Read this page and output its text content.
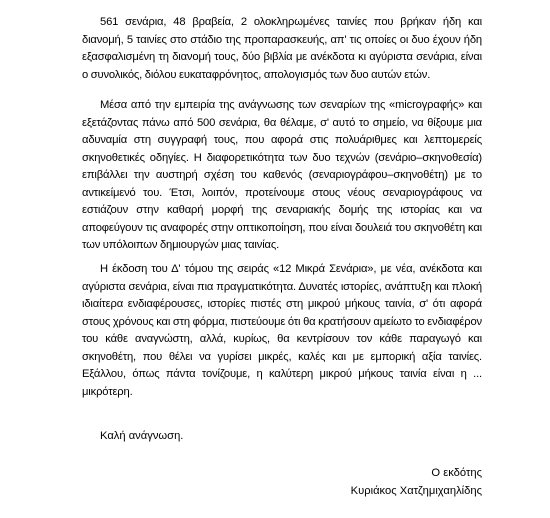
561 σενάρια, 48 βραβεία, 2 ολοκληρωμένες ταινίες που βρήκαν ήδη και διανομή, 5 ταινίες στο στάδιο της προπαρασκευής, απ' τις οποίες οι δυο έχουν ήδη εξασφαλισμένη τη διανομή τους, δύο βιβλία με ανέκδοτα κι αγύριστα σενάρια, είναι ο συνολικός, διόλου ευκαταφρόνητος, απολογισμός των δυο αυτών ετών.

Μέσα από την εμπειρία της ανάγνωσης των σεναρίων της «micrογραφής» και εξετάζοντας πάνω από 500 σενάρια, θα θέλαμε, σ' αυτό το σημείο, να θίξουμε μια αδυναμία στη συγγραφή τους, που αφορά στις πολυάριθμες και λεπτομερείς σκηνοθετικές οδηγίες. Η διαφορετικότητα των δυο τεχνών (σενάριο–σκηνοθεσία) επιβάλλει την αυστηρή σχέση του καθενός (σεναριογράφου–σκηνοθέτη) με το αντικείμενό του. Έτσι, λοιπόν, προτείνουμε στους νέους σεναριογράφους να εστιάζουν στην καθαρή μορφή της σεναριακής δομής της ιστορίας και να αποφεύγουν τις αναφορές στην οπτικοποίηση, που είναι δουλειά του σκηνοθέτη και των υπόλοιπων δημιουργών μιας ταινίας.

Η έκδοση του Δ' τόμου της σειράς «12 Μικρά Σενάρια», με νέα, ανέκδοτα και αγύριστα σενάρια, είναι πια πραγματικότητα. Δυνατές ιστορίες, ανάπτυξη και πλοκή ιδιαίτερα ενδιαφέρουσες, ιστορίες πιστές στη μικρού μήκους ταινία, σ' ότι αφορά στους χρόνους και στη φόρμα, πιστεύουμε ότι θα κρατήσουν αμείωτο το ενδιαφέρον του κάθε αναγνώστη, αλλά, κυρίως, θα κεντρίσουν τον κάθε παραγωγό και σκηνοθέτη, που θέλει να γυρίσει μικρές, καλές και με εμπορική αξία ταινίες. Εξάλλου, όπως πάντα τονίζουμε, η καλύτερη μικρού μήκους ταινία είναι η ... μικρότερη.

Καλή ανάγνωση.

Ο εκδότης
Κυριάκος Χατζημιχαηλίδης
